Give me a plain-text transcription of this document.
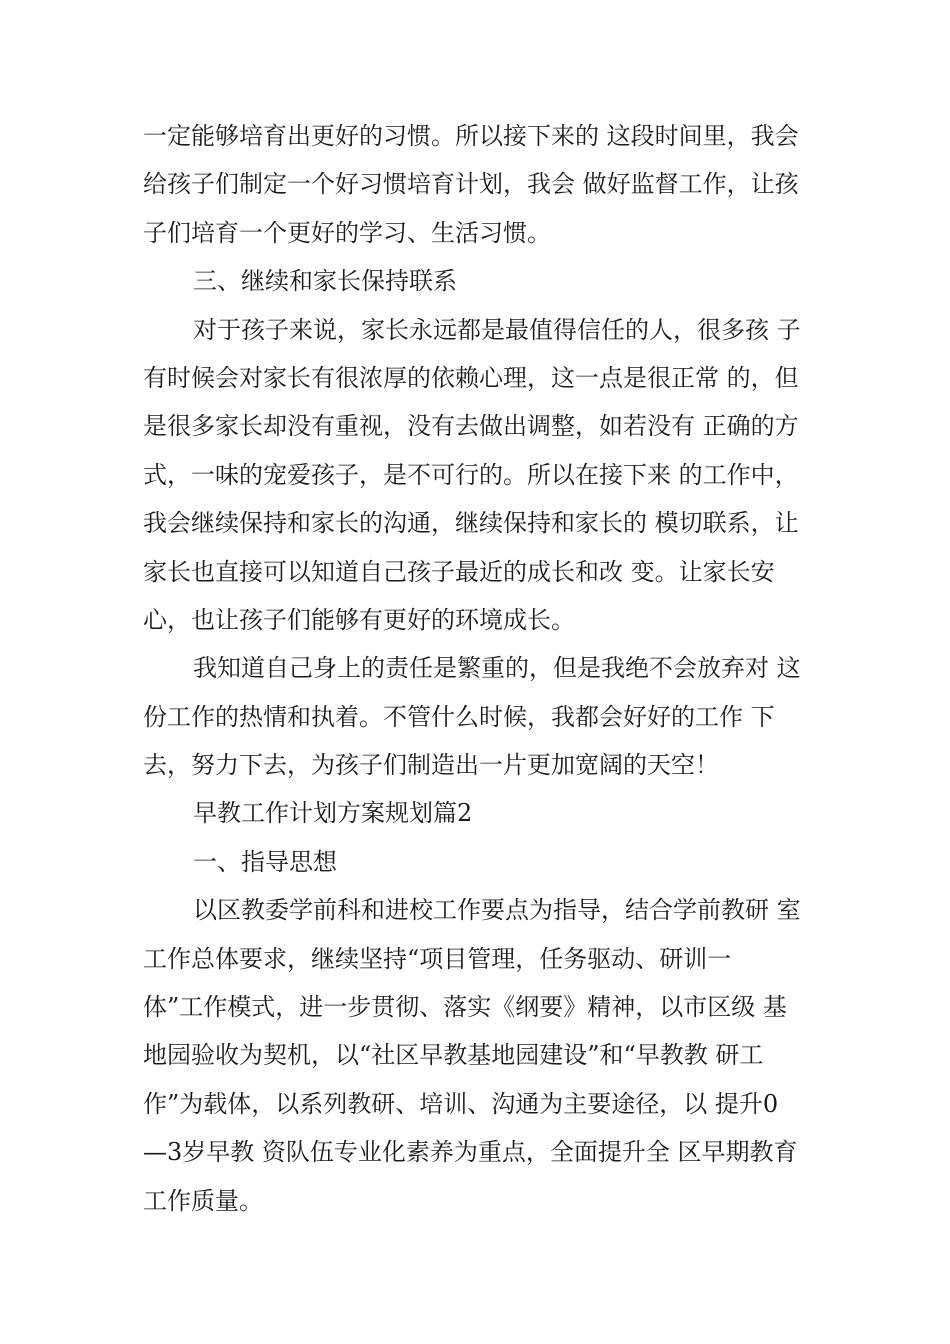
一定能够培育出更好的习惯。所以接下来的 这段时间里，我会
给孩子们制定一个好习惯培育计划，我会 做好监督工作，让孩
子们培育一个更好的学习、生活习惯。
三、继续和家长保持联系
对于孩子来说，家长永远都是最值得信任的人，很多孩 子
有时候会对家长有很浓厚的依赖心理，这一点是很正常 的，但
是很多家长却没有重视，没有去做出调整，如若没有 正确的方
式，一味的宠爱孩子，是不可行的。所以在接下来 的工作中，
我会继续保持和家长的沟通，继续保持和家长的 模切联系，让
家长也直接可以知道自己孩子最近的成长和改 变。让家长安
心，也让孩子们能够有更好的环境成长。
我知道自己身上的责任是繁重的，但是我绝不会放弃对 这
份工作的热情和执着。不管什么时候，我都会好好的工作 下
去，努力下去，为孩子们制造出一片更加宽阔的天空！
早教工作计划方案规划篇2
一、指导思想
以区教委学前科和进校工作要点为指导，结合学前教研 室
工作总体要求，继续坚持“项目管理，任务驱动、研训一
体”工作模式，进一步贯彻、落实《纲要》精神，以市区级 基
地园验收为契机，以“社区早教基地园建设”和“早教教 研工
作”为载体，以系列教研、培训、沟通为主要途径，以 提升0
—3岁早教 资队伍专业化素养为重点，全面提升全 区早期教育
工作质量。
